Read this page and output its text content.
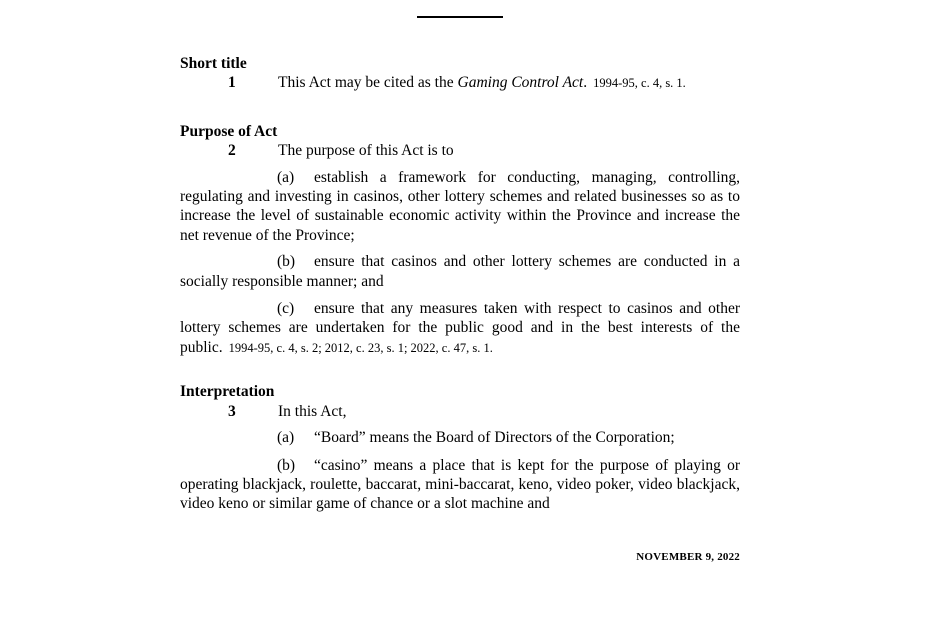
Short title

1	This Act may be cited as the Gaming Control Act. 1994-95, c. 4, s. 1.

Purpose of Act

2	The purpose of this Act is to

(a) establish a framework for conducting, managing, controlling, regulating and investing in casinos, other lottery schemes and related businesses so as to increase the level of sustainable economic activity within the Province and increase the net revenue of the Province;

(b) ensure that casinos and other lottery schemes are conducted in a socially responsible manner; and

(c) ensure that any measures taken with respect to casinos and other lottery schemes are undertaken for the public good and in the best interests of the public. 1994-95, c. 4, s. 2; 2012, c. 23, s. 1; 2022, c. 47, s. 1.

Interpretation

3	In this Act,

(a) “Board” means the Board of Directors of the Corporation;

(b) “casino” means a place that is kept for the purpose of playing or operating blackjack, roulette, baccarat, mini-baccarat, keno, video poker, video blackjack, video keno or similar game of chance or a slot machine and

NOVEMBER 9, 2022
